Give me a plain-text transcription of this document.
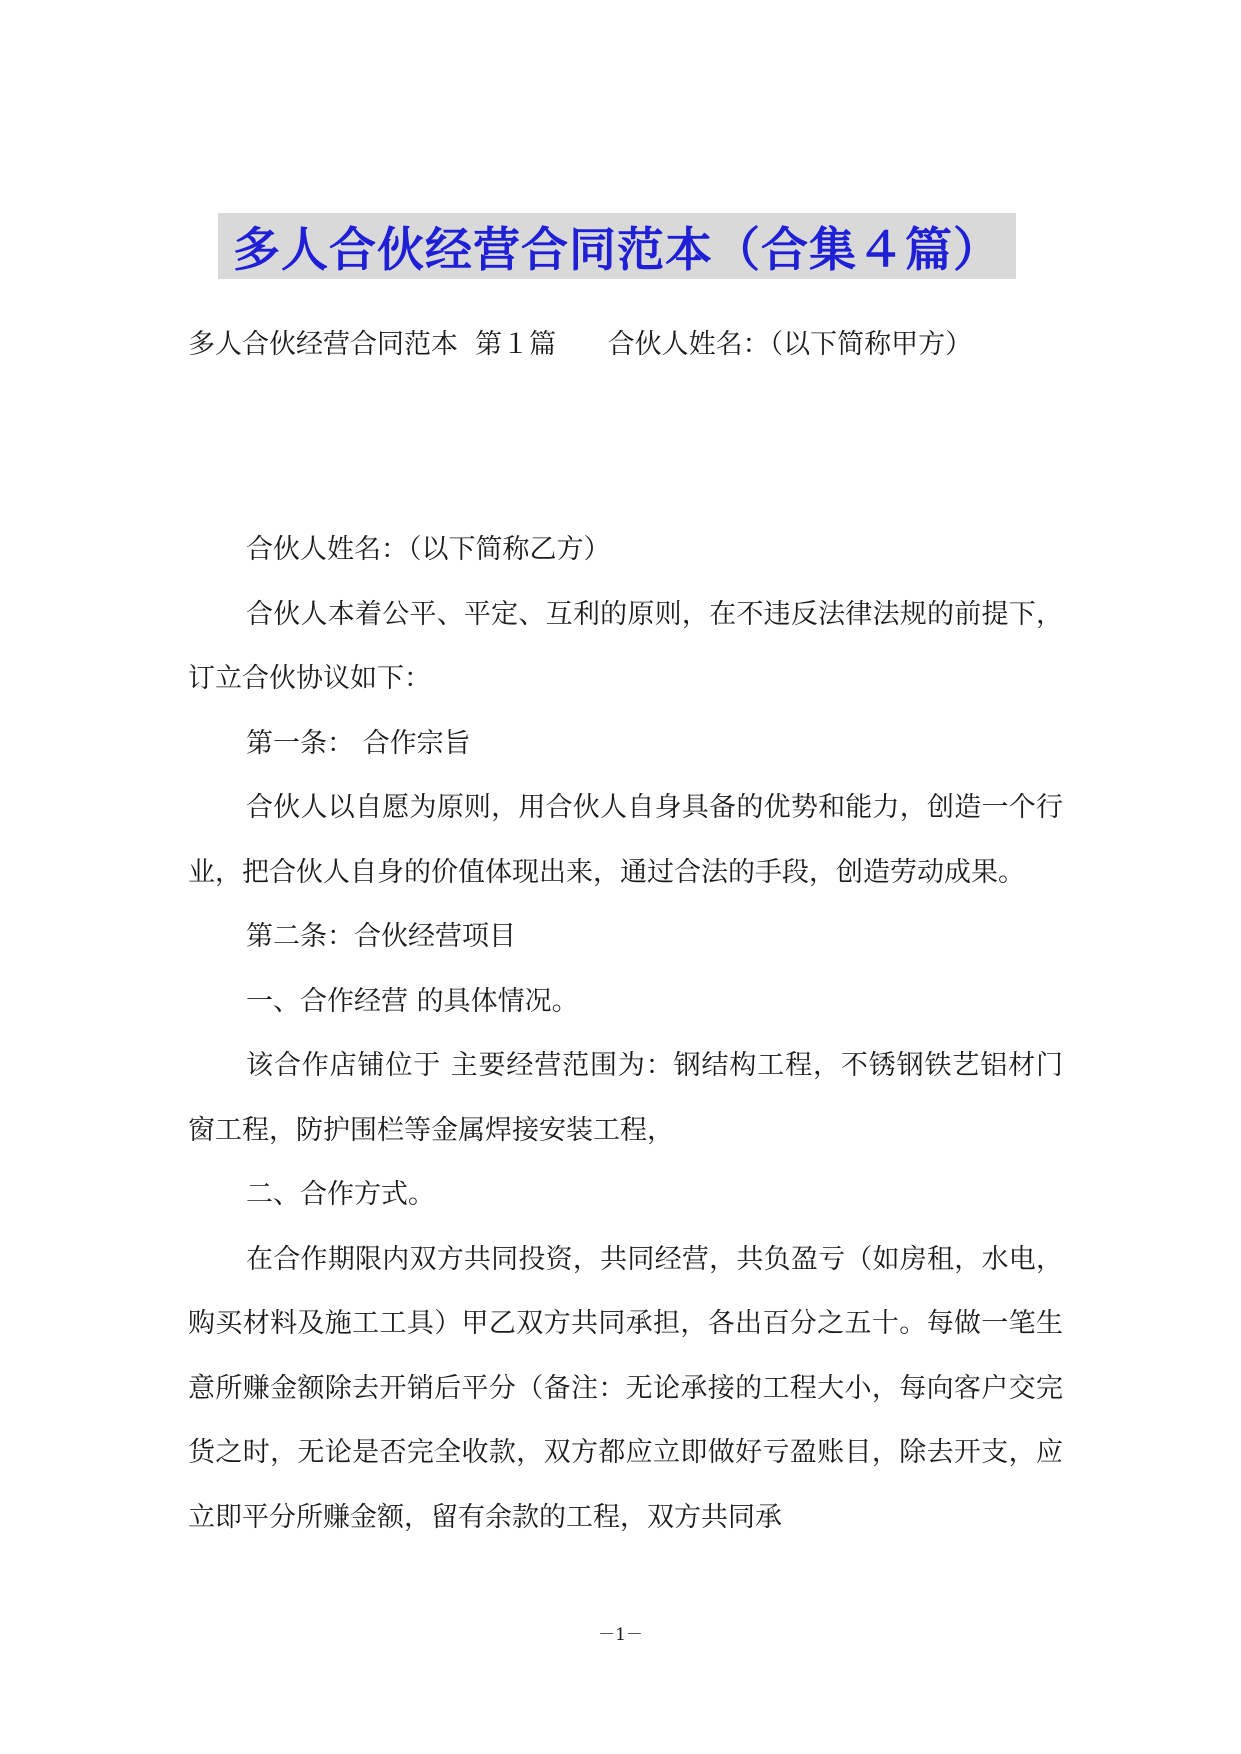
多人合伙经营合同范本（合集４篇）
多人合伙经营合同范本  第１篇 合伙人姓名：（以下简称甲方）

合伙人姓名：（以下简称乙方）

合伙人本着公平、平定、互利的原则，在不违反法律法规的前提下，订立合伙协议如下：

第一条： 合作宗旨

合伙人以自愿为原则，用合伙人自身具备的优势和能力，创造一个行业，把合伙人自身的价值体现出来，通过合法的手段，创造劳动成果。

第二条：合伙经营项目

一、合作经营 的具体情况。

该合作店铺位于 主要经营范围为：钢结构工程，不锈钢铁艺铝材门窗工程，防护围栏等金属焊接安装工程，

二、合作方式。

在合作期限内双方共同投资，共同经营，共负盈亏（如房租，水电，购买材料及施工工具）甲乙双方共同承担，各出百分之五十。每做一笔生意所赚金额除去开销后平分（备注：无论承接的工程大小，每向客户交完货之时，无论是否完全收款，双方都应立即做好亏盈账目，除去开支，应立即平分所赚金额，留有余款的工程，双方共同承

－1－
